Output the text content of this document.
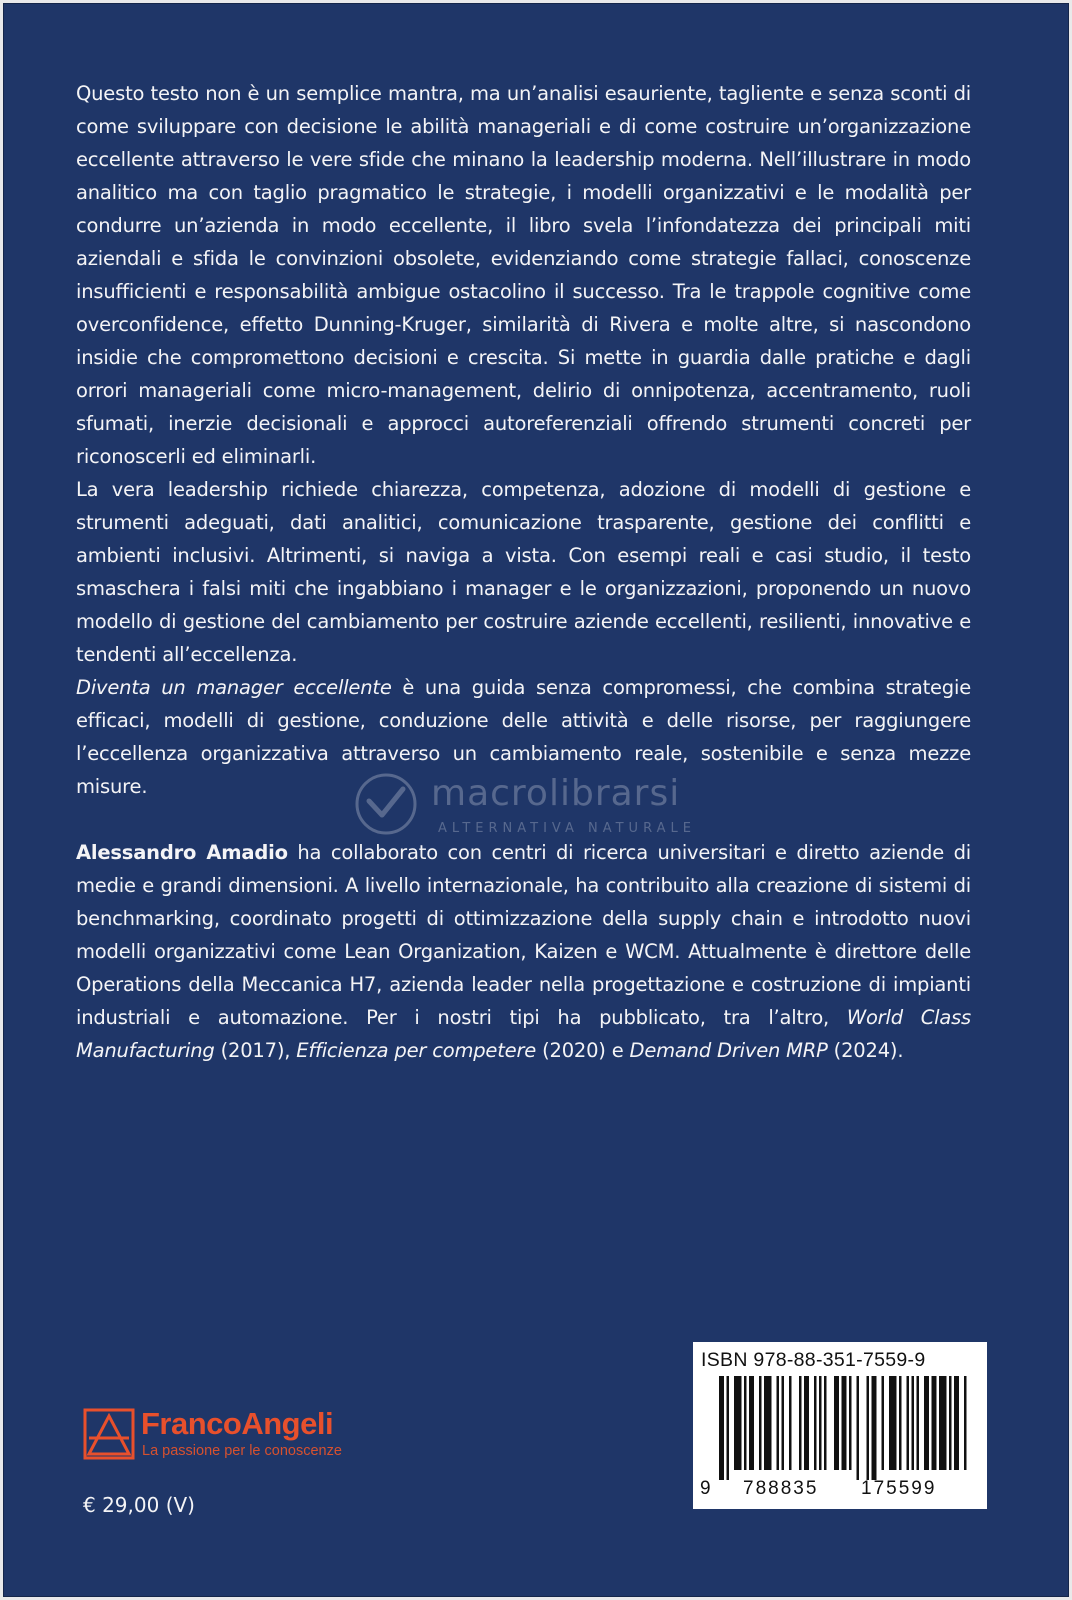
Questo testo non è un semplice mantra, ma un’analisi esauriente, tagliente e senza sconti di come sviluppare con decisione le abilità manageriali e di come costruire un’organizzazione eccellente attraverso le vere sfide che minano la leadership moderna. Nell’illustrare in modo analitico ma con taglio pragmatico le strategie, i modelli organizzativi e le modalità per condurre un’azienda in modo eccellente, il libro svela l’infondatezza dei principali miti aziendali e sfida le convinzioni obsolete, evidenziando come strategie fallaci, conoscenze insufficienti e responsabilità ambigue ostacolino il successo. Tra le trappole cognitive come overconfidence, effetto Dunning-Kruger, similarità di Rivera e molte altre, si nascondono insidie che compromettono decisioni e crescita. Si mette in guardia dalle pratiche e dagli orrori manageriali come micro-management, delirio di onnipotenza, accentramento, ruoli sfumati, inerzie decisionali e approcci autoreferenziali offrendo strumenti concreti per riconoscerli ed eliminarli.

La vera leadership richiede chiarezza, competenza, adozione di modelli di gestione e strumenti adeguati, dati analitici, comunicazione trasparente, gestione dei conflitti e ambienti inclusivi. Altrimenti, si naviga a vista. Con esempi reali e casi studio, il testo smaschera i falsi miti che ingabbiano i manager e le organizzazioni, proponendo un nuovo modello di gestione del cambiamento per costruire aziende eccellenti, resilienti, innovative e tendenti all’eccellenza.

Diventa un manager eccellente è una guida senza compromessi, che combina strategie efficaci, modelli di gestione, conduzione delle attività e delle risorse, per raggiungere l’eccellenza organizzativa attraverso un cambiamento reale, sostenibile e senza mezze misure.

Alessandro Amadio ha collaborato con centri di ricerca universitari e diretto aziende di medie e grandi dimensioni. A livello internazionale, ha contribuito alla creazione di sistemi di benchmarking, coordinato progetti di ottimizzazione della supply chain e introdotto nuovi modelli organizzativi come Lean Organization, Kaizen e WCM. Attualmente è direttore delle Operations della Meccanica H7, azienda leader nella progettazione e costruzione di impianti industriali e automazione. Per i nostri tipi ha pubblicato, tra l’altro, World Class Manufacturing (2017), Efficienza per competere (2020) e Demand Driven MRP (2024).

macrolibrarsi
ALTERNATIVA NATURALE
FrancoAngeli
La passione per le conoscenze
€ 29,00 (V)
ISBN 978-88-351-7559-9
9 788835 175599
